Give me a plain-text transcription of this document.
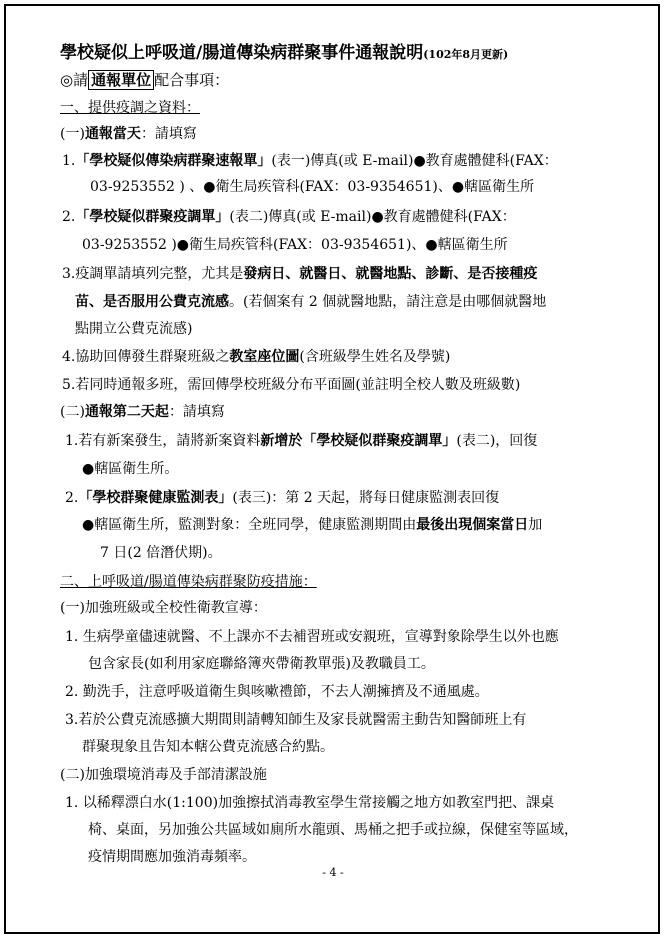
學校疑似上呼吸道/腸道傳染病群聚事件通報說明(102年8月更新)
◎請 通報單位 配合事項：
一、提供疫調之資料：
(一)通報當天：請填寫
1.「學校疑似傳染病群聚速報單」(表一)傳真(或 E-mail)●教育處體健科(FAX：
03-9253552 ) 、●衛生局疾管科(FAX：03-9354651)、●轄區衛生所
2.「學校疑似群聚疫調單」(表二)傳真(或 E-mail)●教育處體健科(FAX：
03-9253552 )●衛生局疾管科(FAX：03-9354651)、●轄區衛生所
3.疫調單請填列完整，尤其是發病日、就醫日、就醫地點、診斷、是否接種疫
苗、是否服用公費克流感。(若個案有 2 個就醫地點，請注意是由哪個就醫地
點開立公費克流感)
4.協助回傳發生群聚班級之教室座位圖(含班級學生姓名及學號)
5.若同時通報多班，需回傳學校班級分布平面圖(並註明全校人數及班級數)
(二)通報第二天起：請填寫
1.若有新案發生，請將新案資料新增於「學校疑似群聚疫調單」(表二)，回復
●轄區衛生所。
2.「學校群聚健康監測表」(表三)：第 2 天起，將每日健康監測表回復
●轄區衛生所，監測對象：全班同學，健康監測期間由最後出現個案當日加
7 日(2 倍潛伏期)。
二、上呼吸道/腸道傳染病群聚防疫措施：
(一)加強班級或全校性衛教宣導：
1. 生病學童儘速就醫、不上課亦不去補習班或安親班，宣導對象除學生以外也應
包含家長(如利用家庭聯絡簿夾帶衛教單張)及教職員工。
2. 勤洗手，注意呼吸道衛生與咳嗽禮節，不去人潮擁擠及不通風處。
3.若於公費克流感擴大期間則請轉知師生及家長就醫需主動告知醫師班上有
群聚現象且告知本轄公費克流感合約點。
(二)加強環境消毒及手部清潔設施
1. 以稀釋漂白水(1:100)加強擦拭消毒教室學生常接觸之地方如教室門把、課桌
椅、桌面，另加強公共區域如廁所水龍頭、馬桶之把手或拉線，保健室等區域，
疫情期間應加強消毒頻率。
- 4 -
